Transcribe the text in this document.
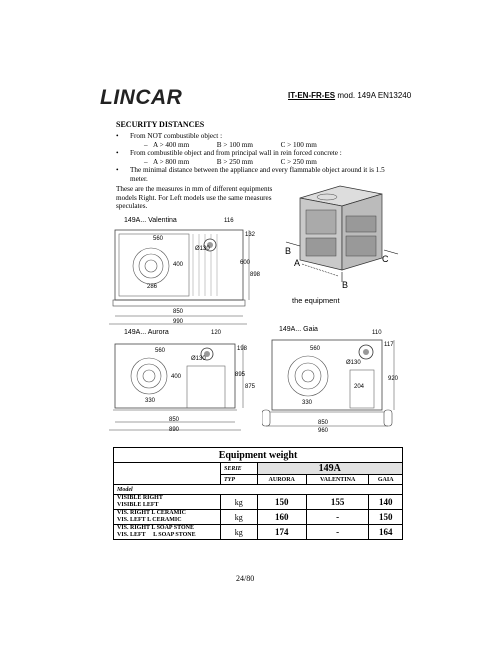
LINCAR	IT-EN-FR-ES mod. 149A EN13240
SECURITY DISTANCES
• From NOT combustible object :
–   A > 400 mm	B > 100 mm	C > 100 mm
• From combustible object and from principal wall in rein forced concrete :
–   A > 800 mm	B > 250 mm	C > 250 mm
• The minimal distance between the appliance and every flammable object around it is 1.5 meter.
These are the measures in mm of different equipments models Right. For Left models use the same measures speculates.
149A... Valentina	116
560
Ø130
400
286
850
990
132
600
898
B
A	C
B
the equipment
149A... Aurora	120
560
Ø130
400
330
850
890
198
895
875
149A... Gaia	110
560
Ø130
204
330
850
960
117
920
Equipment weight				
	SERIE	149A		
	TYP	AURORA	VALENTINA	GAIA
Model				

VISIBLE RIGHT
VISIBLE LEFT	kg	150	155	140

VIS. RIGHT L CERAMIC
VIS. LEFT L CERAMIC	kg	160	-	150

VIS. RIGHT L SOAP STONE
VIS. LEFT     L SOAP STONE	kg	174	-	164
24/80
